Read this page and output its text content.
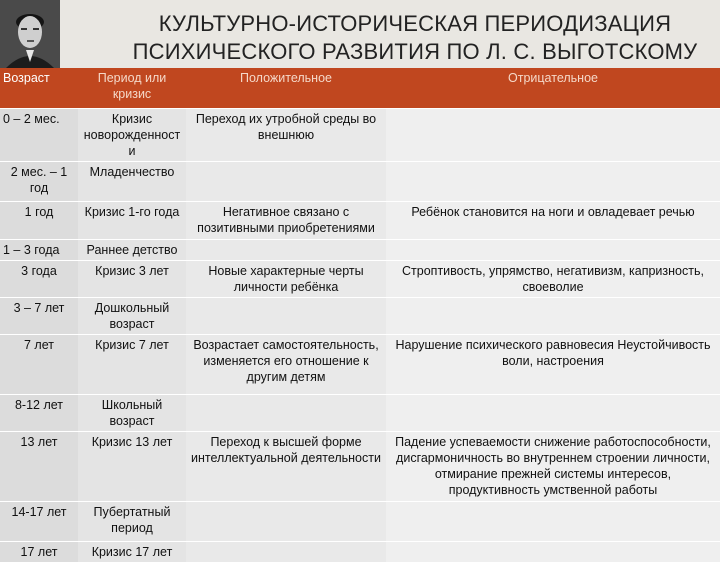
КУЛЬТУРНО-ИСТОРИЧЕСКАЯ ПЕРИОДИЗАЦИЯ
ПСИХИЧЕСКОГО РАЗВИТИЯ ПО Л. С. ВЫГОТСКОМУ
Возраст	Период или кризис	Положительное	Отрицательное
0 – 2 мес.	Кризис новорожденност и	Переход их утробной среды во внешнюю	
2 мес. – 1 год	Младенчество		
1 год	Кризис 1-го года	Негативное связано с позитивными приобретениями	Ребёнок становится на ноги и овладевает речью
1 – 3 года	Раннее детство		
3 года	Кризис 3 лет	Новые характерные черты личности ребёнка	Строптивость, упрямство, негативизм, капризность, своеволие
3 – 7 лет	Дошкольный возраст		
7 лет	Кризис 7 лет	Возрастает самостоятельность, изменяется его отношение к другим детям	Нарушение психического равновесия Неустойчивость воли, настроения
8-12 лет	Школьный возраст		
13 лет	Кризис 13 лет	Переход к высшей форме интеллектуальной деятельности	Падение успеваемости снижение работоспособности, дисгармоничность во внутреннем строении личности, отмирание прежней системы интересов, продуктивность умственной работы
14-17 лет	Пубертатный период		
17 лет	Кризис 17 лет		
